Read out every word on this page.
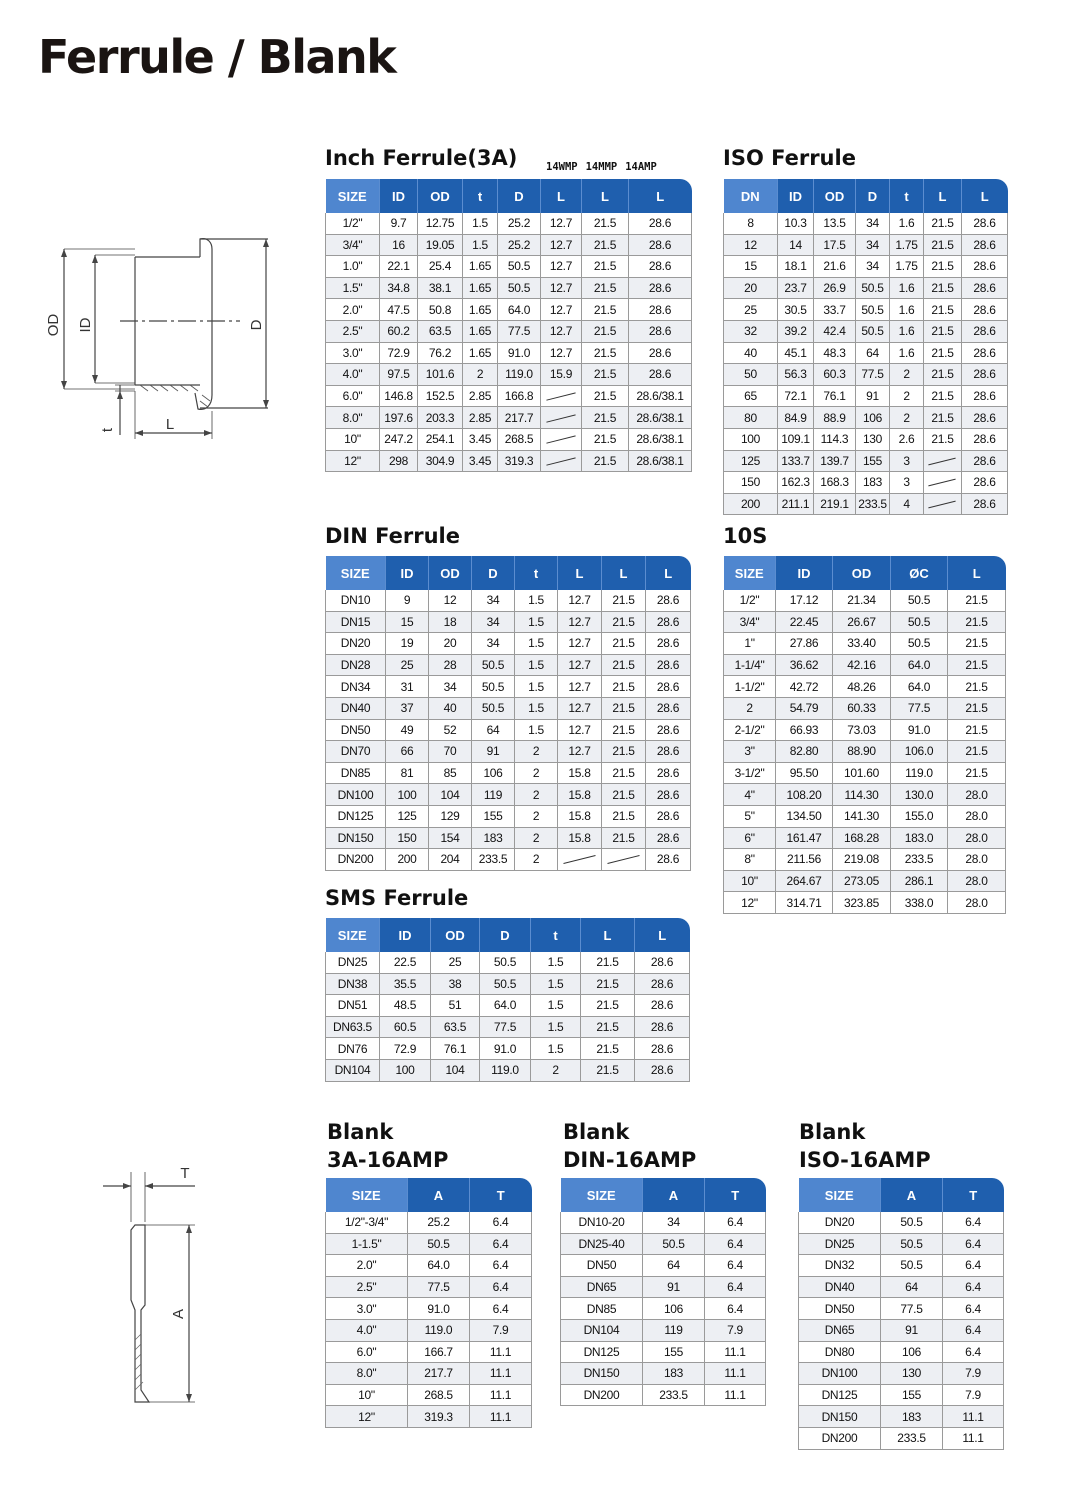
Ferrule / Blank
OD ID	D
t	L
T
A
Inch Ferrule(3A)	14WMP 14MMP 14AMP	ISO Ferrule
DIN Ferrule	10S
SMS Ferrule
Blank
3A-16AMP
Blank
DIN-16AMP
Blank
ISO-16AMP
SIZE	ID	OD	t	D	L	L	L
1/2"	9.7	12.75	1.5	25.2	12.7	21.5	28.6
3/4"	16	19.05	1.5	25.2	12.7	21.5	28.6
1.0"	22.1	25.4	1.65	50.5	12.7	21.5	28.6
1.5"	34.8	38.1	1.65	50.5	12.7	21.5	28.6
2.0"	47.5	50.8	1.65	64.0	12.7	21.5	28.6
2.5"	60.2	63.5	1.65	77.5	12.7	21.5	28.6
3.0"	72.9	76.2	1.65	91.0	12.7	21.5	28.6
4.0"	97.5	101.6	2	119.0	15.9	21.5	28.6
6.0"	146.8	152.5	2.85	166.8		21.5	28.6/38.1
8.0"	197.6	203.3	2.85	217.7		21.5	28.6/38.1
10"	247.2	254.1	3.45	268.5		21.5	28.6/38.1
12"	298	304.9	3.45	319.3		21.5	28.6/38.1
DN	ID	OD	D	t	L	L
8	10.3	13.5	34	1.6	21.5	28.6
12	14	17.5	34	1.75	21.5	28.6
15	18.1	21.6	34	1.75	21.5	28.6
20	23.7	26.9	50.5	1.6	21.5	28.6
25	30.5	33.7	50.5	1.6	21.5	28.6
32	39.2	42.4	50.5	1.6	21.5	28.6
40	45.1	48.3	64	1.6	21.5	28.6
50	56.3	60.3	77.5	2	21.5	28.6
65	72.1	76.1	91	2	21.5	28.6
80	84.9	88.9	106	2	21.5	28.6
100	109.1	114.3	130	2.6	21.5	28.6
125	133.7	139.7	155	3		28.6
150	162.3	168.3	183	3		28.6
200	211.1	219.1	233.5	4		28.6
SIZE	ID	OD	D	t	L	L	L
DN10	9	12	34	1.5	12.7	21.5	28.6
DN15	15	18	34	1.5	12.7	21.5	28.6
DN20	19	20	34	1.5	12.7	21.5	28.6
DN28	25	28	50.5	1.5	12.7	21.5	28.6
DN34	31	34	50.5	1.5	12.7	21.5	28.6
DN40	37	40	50.5	1.5	12.7	21.5	28.6
DN50	49	52	64	1.5	12.7	21.5	28.6
DN70	66	70	91	2	12.7	21.5	28.6
DN85	81	85	106	2	15.8	21.5	28.6
DN100	100	104	119	2	15.8	21.5	28.6
DN125	125	129	155	2	15.8	21.5	28.6
DN150	150	154	183	2	15.8	21.5	28.6
DN200	200	204	233.5	2			28.6
SIZE	ID	OD	ØC	L
1/2"	17.12	21.34	50.5	21.5
3/4"	22.45	26.67	50.5	21.5
1"	27.86	33.40	50.5	21.5
1-1/4"	36.62	42.16	64.0	21.5
1-1/2"	42.72	48.26	64.0	21.5
2	54.79	60.33	77.5	21.5
2-1/2"	66.93	73.03	91.0	21.5
3"	82.80	88.90	106.0	21.5
3-1/2"	95.50	101.60	119.0	21.5
4"	108.20	114.30	130.0	28.0
5"	134.50	141.30	155.0	28.0
6"	161.47	168.28	183.0	28.0
8"	211.56	219.08	233.5	28.0
10"	264.67	273.05	286.1	28.0
12"	314.71	323.85	338.0	28.0
SIZE	ID	OD	D	t	L	L
DN25	22.5	25	50.5	1.5	21.5	28.6
DN38	35.5	38	50.5	1.5	21.5	28.6
DN51	48.5	51	64.0	1.5	21.5	28.6
DN63.5	60.5	63.5	77.5	1.5	21.5	28.6
DN76	72.9	76.1	91.0	1.5	21.5	28.6
DN104	100	104	119.0	2	21.5	28.6
SIZE	A	T
1/2"-3/4"	25.2	6.4
1-1.5"	50.5	6.4
2.0"	64.0	6.4
2.5"	77.5	6.4
3.0"	91.0	6.4
4.0"	119.0	7.9
6.0"	166.7	11.1
8.0"	217.7	11.1
10"	268.5	11.1
12"	319.3	11.1
SIZE	A	T
DN10-20	34	6.4
DN25-40	50.5	6.4
DN50	64	6.4
DN65	91	6.4
DN85	106	6.4
DN104	119	7.9
DN125	155	11.1
DN150	183	11.1
DN200	233.5	11.1
SIZE	A	T
DN20	50.5	6.4
DN25	50.5	6.4
DN32	50.5	6.4
DN40	64	6.4
DN50	77.5	6.4
DN65	91	6.4
DN80	106	6.4
DN100	130	7.9
DN125	155	7.9
DN150	183	11.1
DN200	233.5	11.1
